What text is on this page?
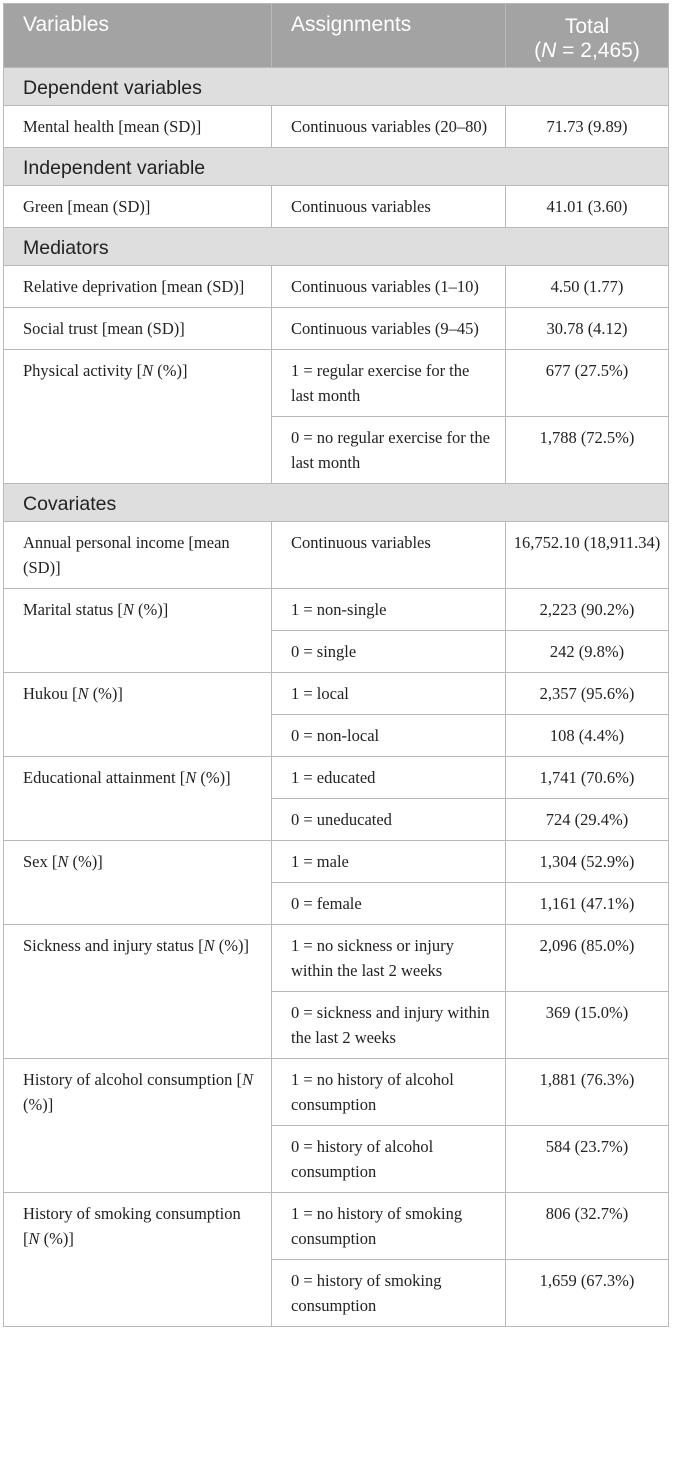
Variables	Assignments	Total
(N = 2,465)

Dependent variables		
Mental health [mean (SD)]	Continuous variables (20–80)	71.73 (9.89)
Independent variable		
Green [mean (SD)]	Continuous variables	41.01 (3.60)
Mediators		
Relative deprivation [mean (SD)]	Continuous variables (1–10)	4.50 (1.77)
Social trust [mean (SD)]	Continuous variables (9–45)	30.78 (4.12)
Physical activity [N (%)]	1 = regular exercise for the last month	677 (27.5%)
	0 = no regular exercise for the last month	1,788 (72.5%)
Covariates		
Annual personal income [mean (SD)]	Continuous variables	16,752.10 (18,911.34)
Marital status [N (%)]	1 = non-single	2,223 (90.2%)
	0 = single	242 (9.8%)
Hukou [N (%)]	1 = local	2,357 (95.6%)
	0 = non-local	108 (4.4%)
Educational attainment [N (%)]	1 = educated	1,741 (70.6%)
	0 = uneducated	724 (29.4%)
Sex [N (%)]	1 = male	1,304 (52.9%)
	0 = female	1,161 (47.1%)
Sickness and injury status [N (%)]	1 = no sickness or injury within the last 2 weeks	2,096 (85.0%)
	0 = sickness and injury within the last 2 weeks	369 (15.0%)
History of alcohol consumption [N (%)]	1 = no history of alcohol consumption	1,881 (76.3%)
	0 = history of alcohol consumption	584 (23.7%)
History of smoking consumption [N (%)]	1 = no history of smoking consumption	806 (32.7%)
	0 = history of smoking consumption	1,659 (67.3%)
